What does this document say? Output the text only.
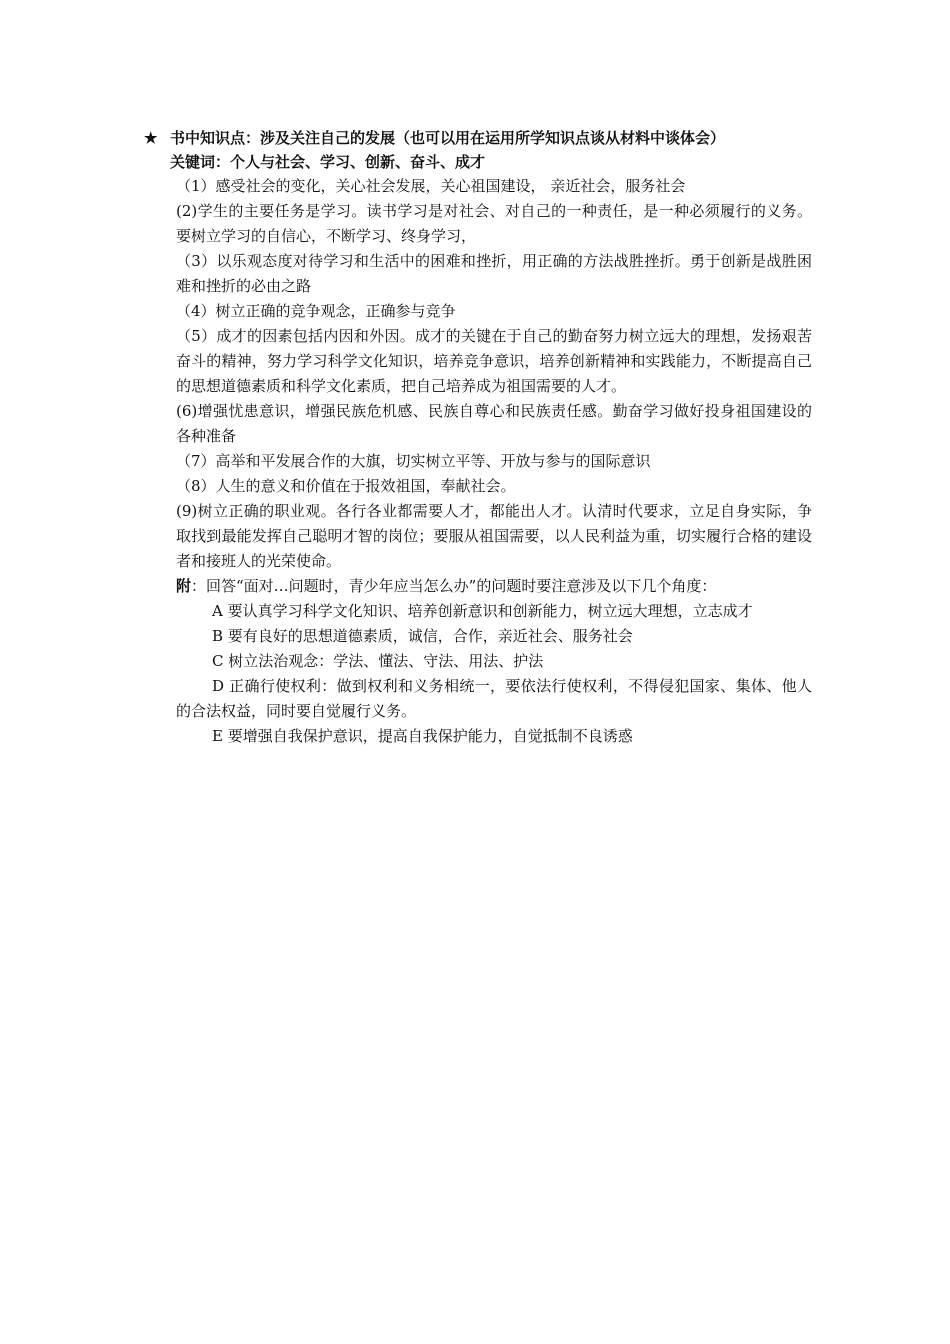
★ 书中知识点：涉及关注自己的发展（也可以用在运用所学知识点谈从材料中谈体会）
关键词：个人与社会、学习、创新、奋斗、成才

（1）感受社会的变化，关心社会发展，关心祖国建设， 亲近社会，服务社会

(2)学生的主要任务是学习。读书学习是对社会、对自己的一种责任，是一种必须履行的义务。要树立学习的自信心，不断学习、终身学习，

（3）以乐观态度对待学习和生活中的困难和挫折，用正确的方法战胜挫折。勇于创新是战胜困难和挫折的必由之路

（4）树立正确的竞争观念，正确参与竞争

（5）成才的因素包括内因和外因。成才的关键在于自己的勤奋努力树立远大的理想，发扬艰苦奋斗的精神，努力学习科学文化知识，培养竞争意识，培养创新精神和实践能力，不断提高自己的思想道德素质和科学文化素质，把自己培养成为祖国需要的人才。

(6)增强忧患意识，增强民族危机感、民族自尊心和民族责任感。勤奋学习做好投身祖国建设的各种准备

（7）高举和平发展合作的大旗，切实树立平等、开放与参与的国际意识

（8）人生的意义和价值在于报效祖国，奉献社会。

(9)树立正确的职业观。各行各业都需要人才，都能出人才。认清时代要求，立足自身实际，争取找到最能发挥自己聪明才智的岗位；要服从祖国需要，以人民利益为重，切实履行合格的建设者和接班人的光荣使命。

附：回答“面对…问题时，青少年应当怎么办”的问题时要注意涉及以下几个角度：

A 要认真学习科学文化知识、培养创新意识和创新能力，树立远大理想，立志成才

B 要有良好的思想道德素质，诚信，合作，亲近社会、服务社会

C 树立法治观念：学法、懂法、守法、用法、护法

D 正确行使权利：做到权利和义务相统一，要依法行使权利，不得侵犯国家、集体、他人的合法权益，同时要自觉履行义务。

E 要增强自我保护意识，提高自我保护能力，自觉抵制不良诱惑
